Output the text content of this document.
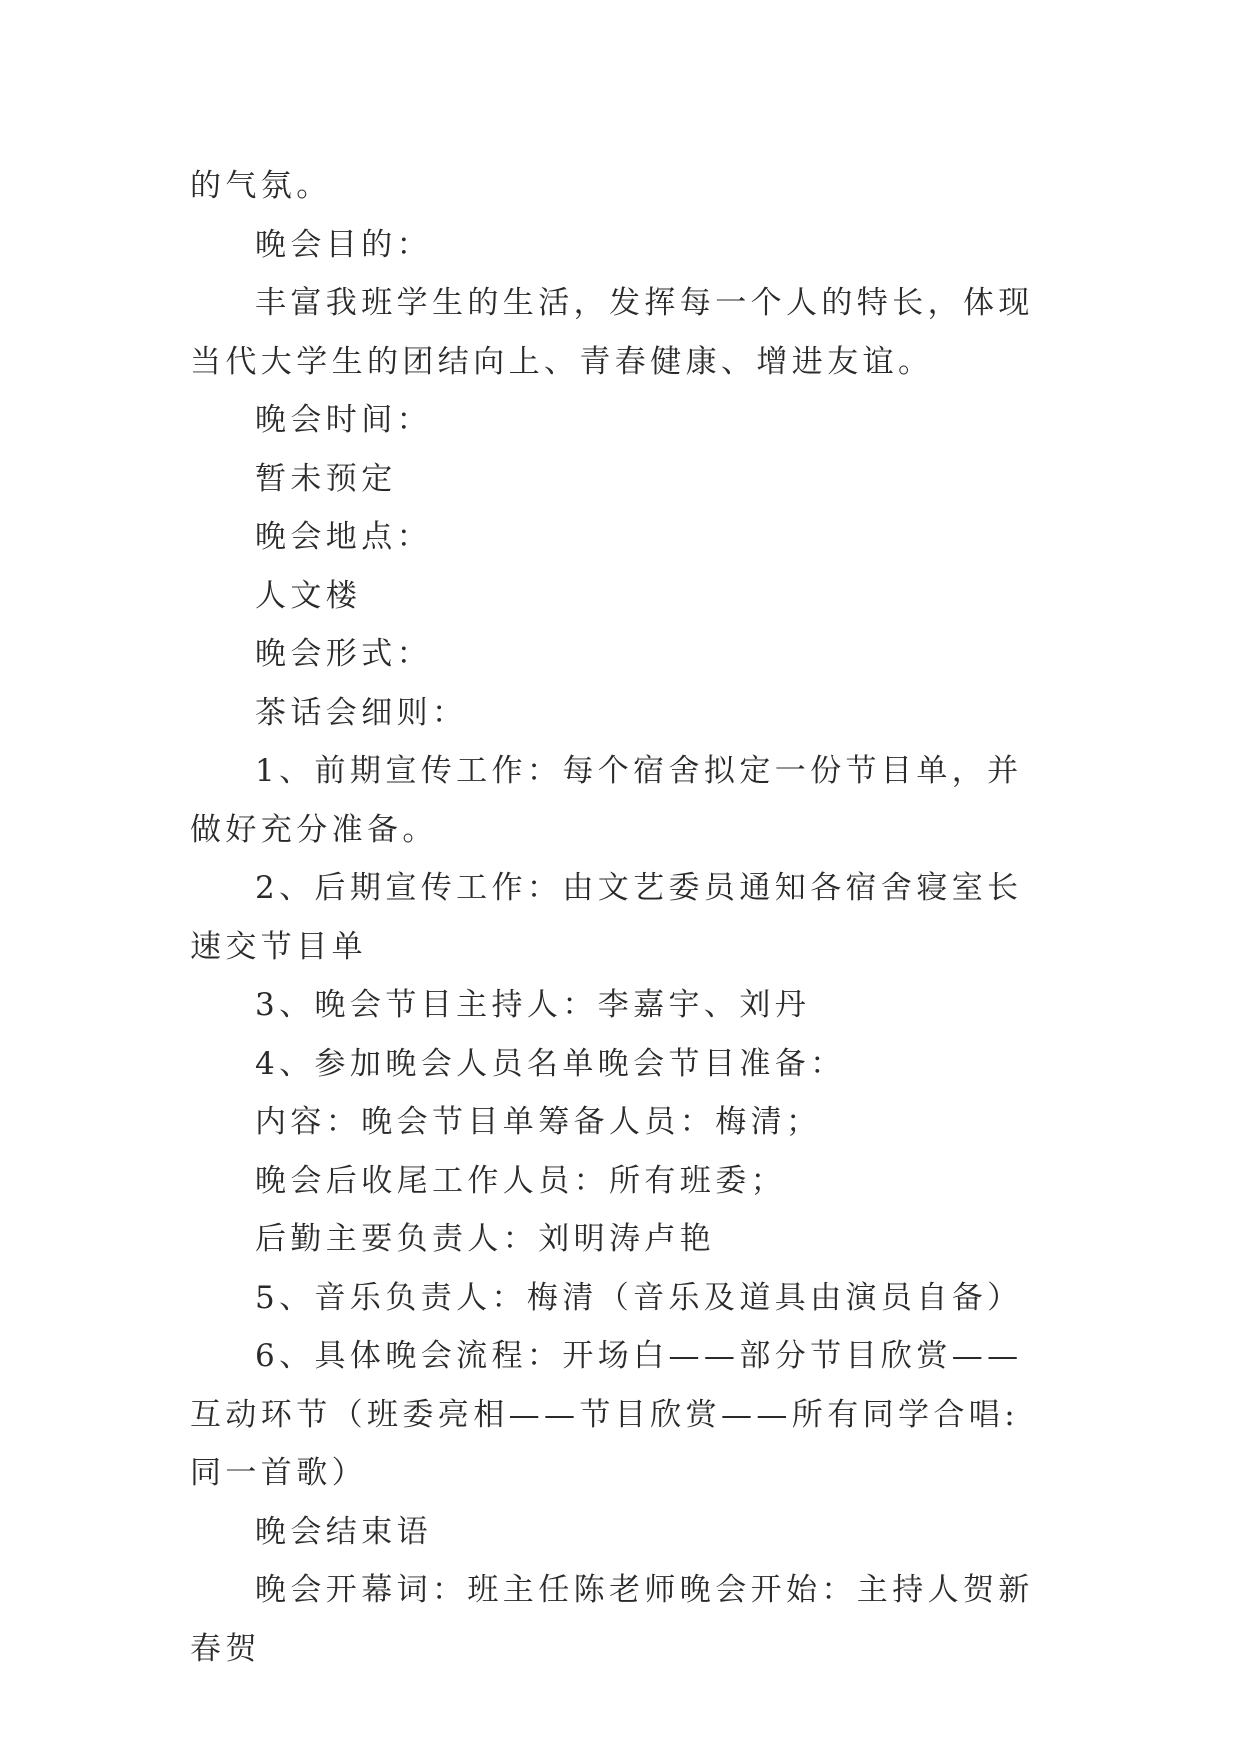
的气氛。

晚会目的：

丰富我班学生的生活，发挥每一个人的特长，体现当代大学生的团结向上、青春健康、增进友谊。

晚会时间：

暂未预定

晚会地点：

人文楼

晚会形式：

茶话会细则：

1、前期宣传工作：每个宿舍拟定一份节目单，并做好充分准备。

2、后期宣传工作：由文艺委员通知各宿舍寝室长速交节目单

3、晚会节目主持人：李嘉宇、刘丹

4、参加晚会人员名单晚会节目准备：

内容：晚会节目单筹备人员：梅清；

晚会后收尾工作人员：所有班委；

后勤主要负责人：刘明涛卢艳

5、音乐负责人：梅清（音乐及道具由演员自备）

6、具体晚会流程：开场白——部分节目欣赏——互动环节（班委亮相——节目欣赏——所有同学合唱:同一首歌）

晚会结束语

晚会开幕词：班主任陈老师晚会开始：主持人贺新春贺
